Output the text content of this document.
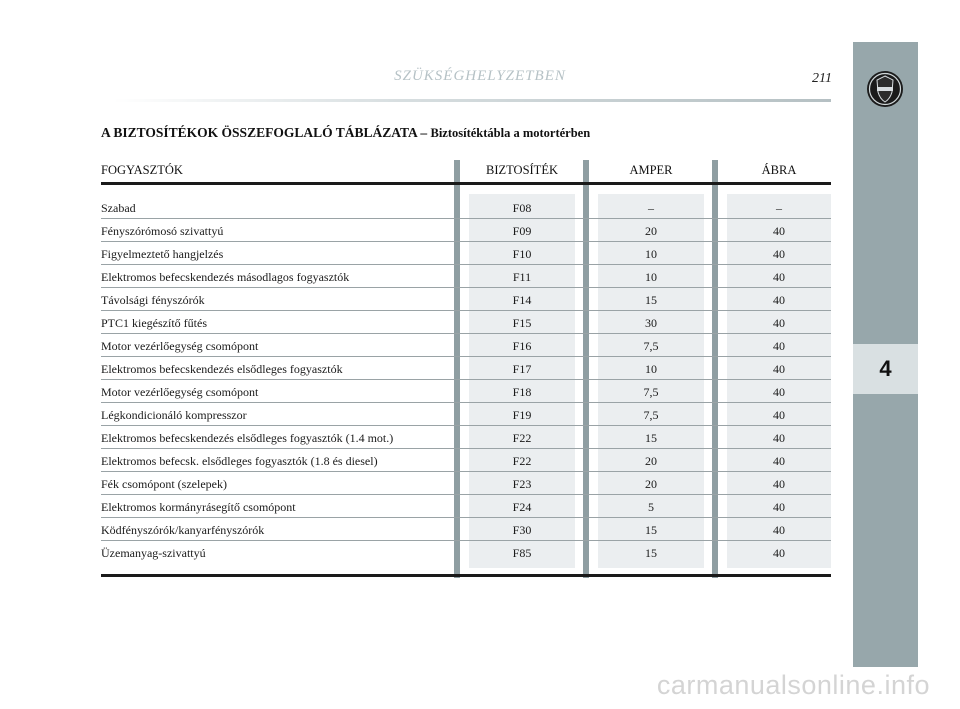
SZÜKSÉGHELYZETBEN	211
4
A BIZTOSÍTÉKOK ÖSSZEFOGLALÓ TÁBLÁZATA – Biztosítéktábla a motortérben
FOGYASZTÓK	BIZTOSÍTÉK	AMPER	ÁBRA
Szabad	F08	–	–
Fényszórómosó szivattyú	F09	20	40
Figyelmeztető hangjelzés	F10	10	40
Elektromos befecskendezés másodlagos fogyasztók	F11	10	40
Távolsági fényszórók	F14	15	40
PTC1 kiegészítő fűtés	F15	30	40
Motor vezérlőegység csomópont	F16	7,5	40
Elektromos befecskendezés elsődleges fogyasztók	F17	10	40
Motor vezérlőegység csomópont	F18	7,5	40
Légkondicionáló kompresszor	F19	7,5	40
Elektromos befecskendezés elsődleges fogyasztók (1.4 mot.)	F22	15	40
Elektromos befecsk. elsődleges fogyasztók (1.8 és diesel)	F22	20	40
Fék csomópont (szelepek)	F23	20	40
Elektromos kormányrásegítő csomópont	F24	5	40
Ködfényszórók/kanyarfényszórók	F30	15	40
Üzemanyag-szivattyú	F85	15	40
carmanualsonline.info
